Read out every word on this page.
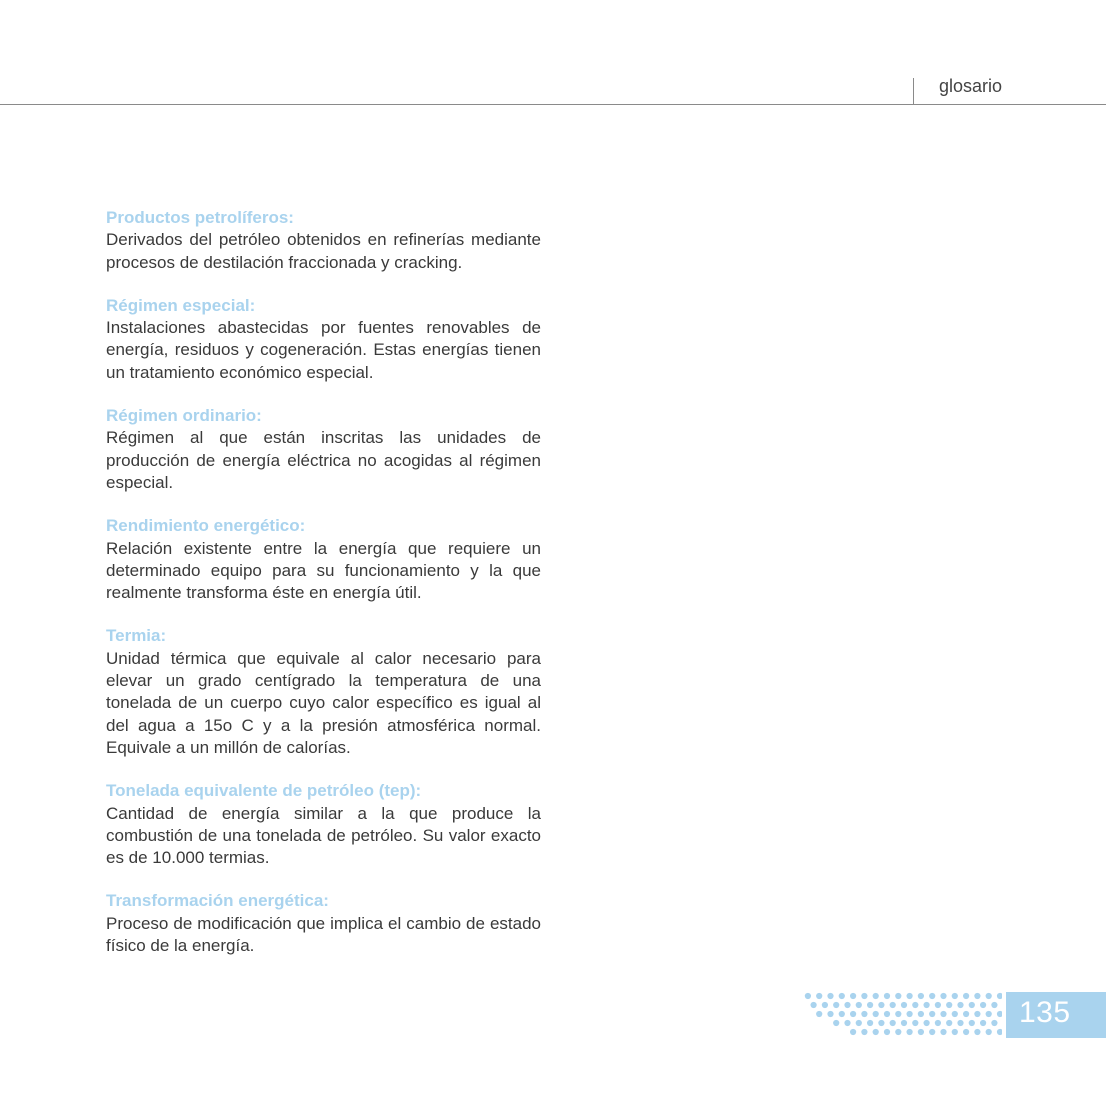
glosario
Productos petrolíferos:
Derivados del petróleo obtenidos en refinerías mediante procesos de destilación fraccionada y cracking.
Régimen especial:
Instalaciones abastecidas por fuentes renovables de energía, residuos y cogeneración. Estas energías tienen un tratamiento económico especial.
Régimen ordinario:
Régimen al que están inscritas las unidades de producción de energía eléctrica no acogidas al régimen especial.
Rendimiento energético:
Relación existente entre la energía que requiere un determinado equipo para su funcionamiento y la que realmente transforma éste en energía útil.
Termia:
Unidad térmica que equivale al calor necesario para elevar un grado centígrado la temperatura de una tonelada de un cuerpo cuyo calor específico es igual al del agua a 15o C y a la presión atmosférica normal. Equivale a un millón de calorías.
Tonelada equivalente de petróleo (tep):
Cantidad de energía similar a la que produce la combustión de una tonelada de petróleo. Su valor exacto es de 10.000 termias.
Transformación energética:
Proceso de modificación que implica el cambio de estado físico de la energía.
135
